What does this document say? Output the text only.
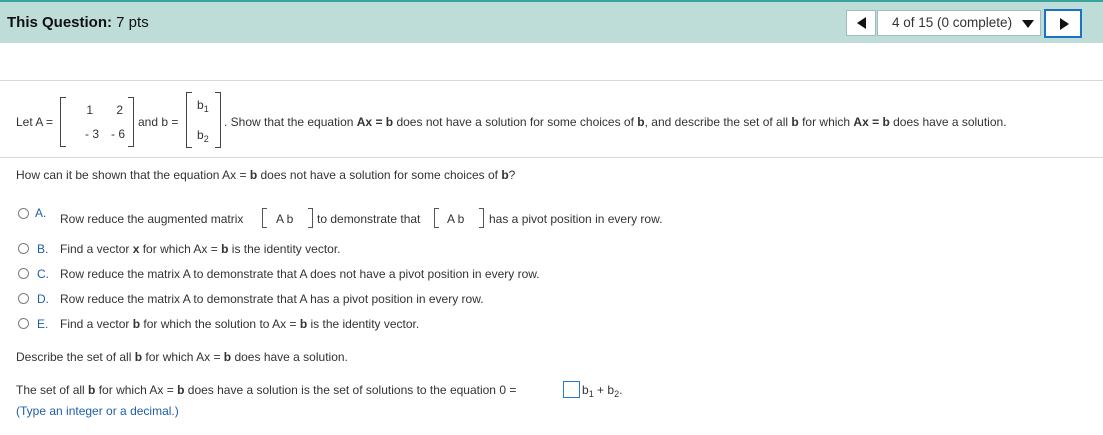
This Question: 7 pts	4 of 15 (0 complete)
Let A =
1	2
- 3 - 6
and b =
$b_1$
$b_2$
. Show that the equation Ax = b does not have a solution for some choices of b, and describe the set of all b for which Ax = b does have a solution.
How can it be shown that the equation Ax = b does not have a solution for some choices of b?
A. Row reduce the augmented matrix	A b to demonstrate that A b has a pivot position in every row.
B. Find a vector x for which Ax = b is the identity vector.
C. Row reduce the matrix A to demonstrate that A does not have a pivot position in every row.
D. Row reduce the matrix A to demonstrate that A has a pivot position in every row.
E. Find a vector b for which the solution to Ax = b is the identity vector.
Describe the set of all b for which Ax = b does have a solution.
The set of all b for which Ax = b does have a solution is the set of solutions to the equation 0 =	$b_1 + b_2$.
(Type an integer or a decimal.)
